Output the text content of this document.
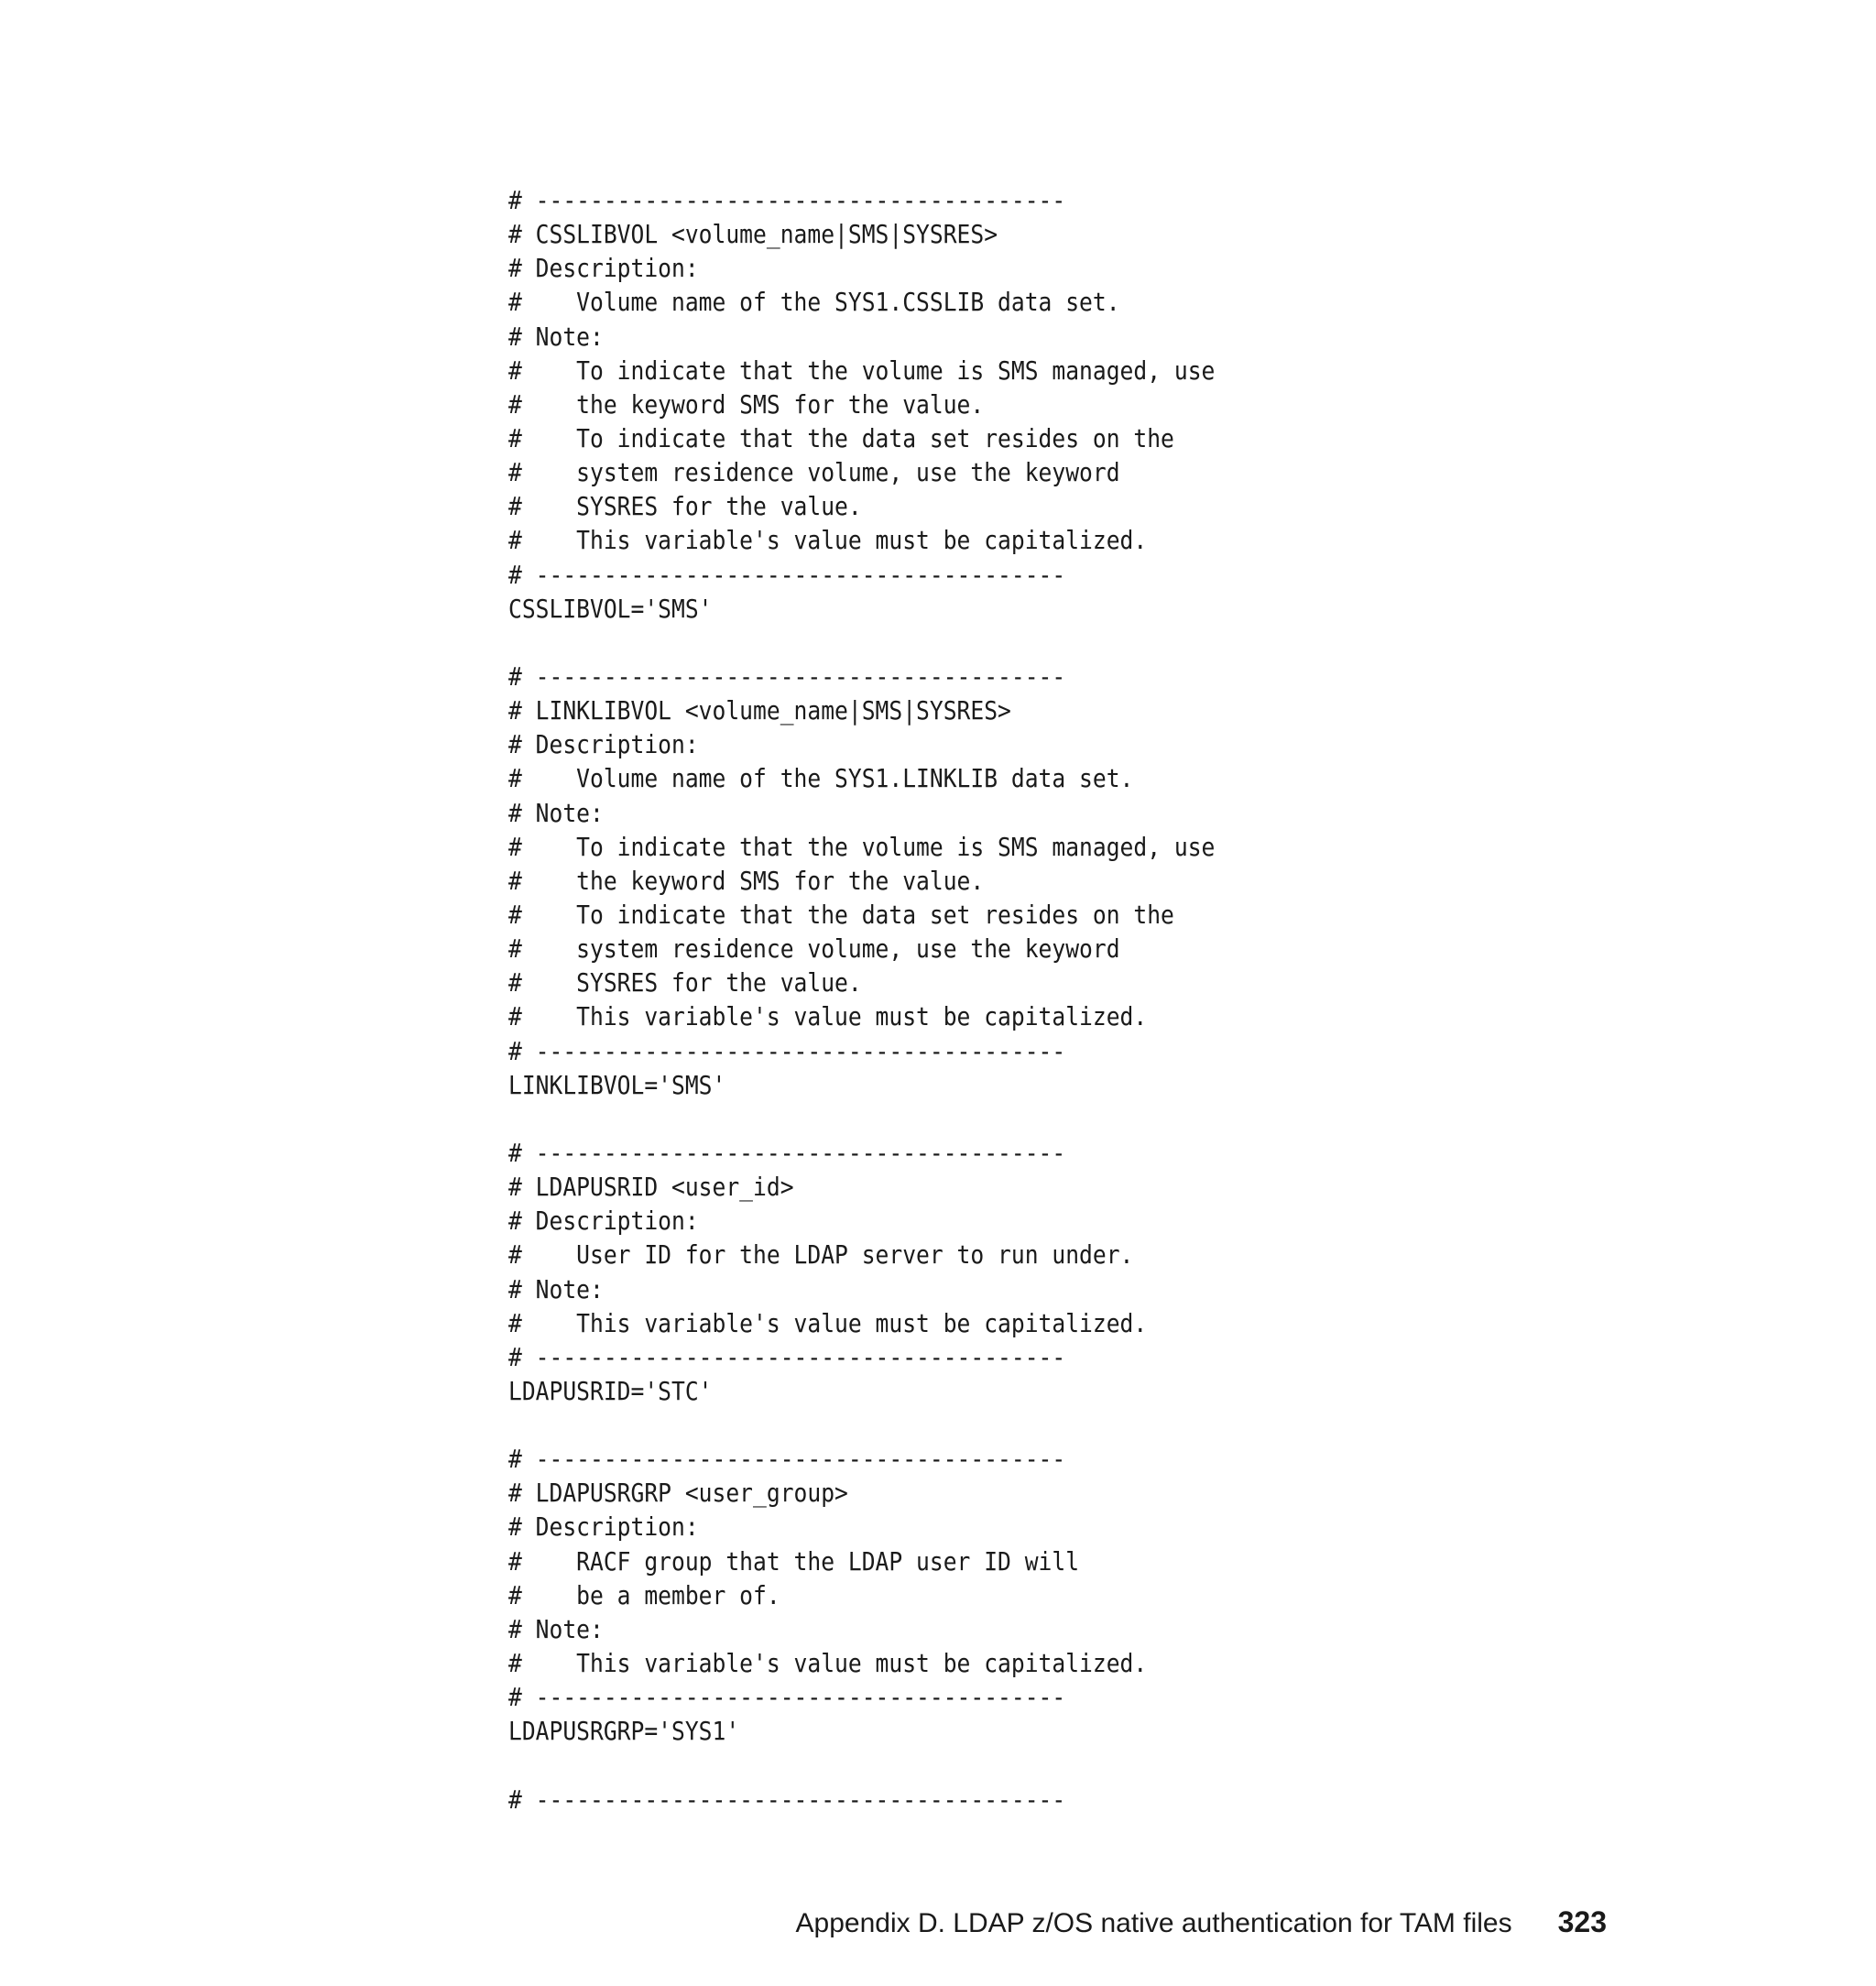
# ---------------------------------------
# CSSLIBVOL <volume_name|SMS|SYSRES>
# Description:
#    Volume name of the SYS1.CSSLIB data set.
# Note:
#    To indicate that the volume is SMS managed, use
#    the keyword SMS for the value.
#    To indicate that the data set resides on the
#    system residence volume, use the keyword
#    SYSRES for the value.
#    This variable's value must be capitalized.
# ---------------------------------------
CSSLIBVOL='SMS'
# ---------------------------------------
# LINKLIBVOL <volume_name|SMS|SYSRES>
# Description:
#    Volume name of the SYS1.LINKLIB data set.
# Note:
#    To indicate that the volume is SMS managed, use
#    the keyword SMS for the value.
#    To indicate that the data set resides on the
#    system residence volume, use the keyword
#    SYSRES for the value.
#    This variable's value must be capitalized.
# ---------------------------------------
LINKLIBVOL='SMS'
# ---------------------------------------
# LDAPUSRID <user_id>
# Description:
#    User ID for the LDAP server to run under.
# Note:
#    This variable's value must be capitalized.
# ---------------------------------------
LDAPUSRID='STC'
# ---------------------------------------
# LDAPUSRGRP <user_group>
# Description:
#    RACF group that the LDAP user ID will
#    be a member of.
# Note:
#    This variable's value must be capitalized.
# ---------------------------------------
LDAPUSRGRP='SYS1'
# ---------------------------------------

Appendix D. LDAP z/OS native authentication for TAM files 323
